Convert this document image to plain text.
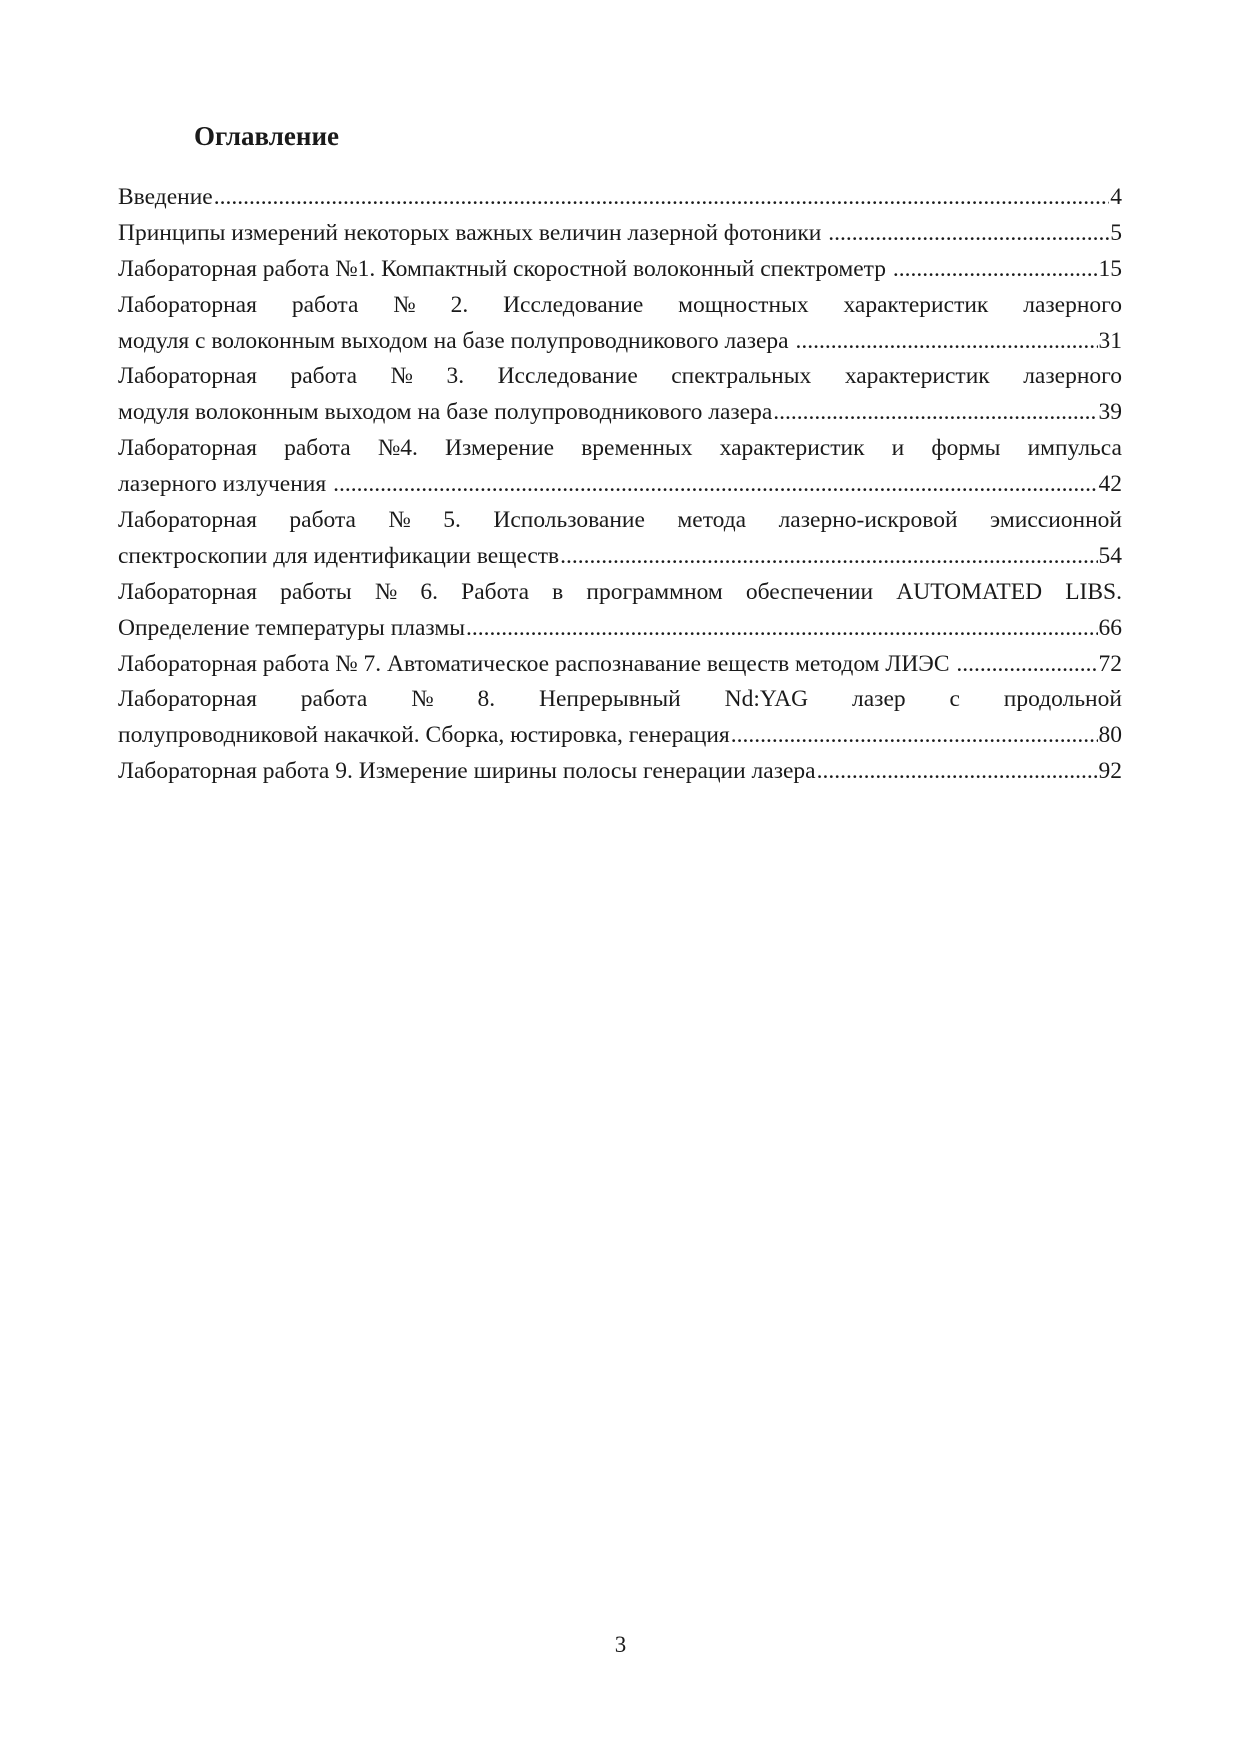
Оглавление
Введение .....	4
Принципы измерений некоторых важных величин лазерной фотоники .....	5
Лабораторная работа №1. Компактный скоростной волоконный спектрометр .....	15
Лабораторная работа № 2. Исследование мощностных характеристик лазерного
модуля с волоконным выходом на базе полупроводникового лазера .....	31
Лабораторная работа № 3. Исследование спектральных характеристик лазерного
модуля волоконным выходом на базе полупроводникового лазера .....	39
Лабораторная работа №4. Измерение временных характеристик и формы импульса
лазерного излучения .....	42
Лабораторная работа № 5. Использование метода лазерно-искровой эмиссионной
спектроскопии для идентификации веществ .....	54
Лабораторная работы № 6. Работа в программном обеспечении AUTOMATED LIBS.
Определение температуры плазмы .....	66
Лабораторная работа № 7. Автоматическое распознавание веществ методом ЛИЭС .....	72
Лабораторная работа № 8. Непрерывный Nd:YAG лазер с продольной
полупроводниковой накачкой. Сборка, юстировка, генерация .....	80
Лабораторная работа 9. Измерение ширины полосы генерации лазера .....	92
3
